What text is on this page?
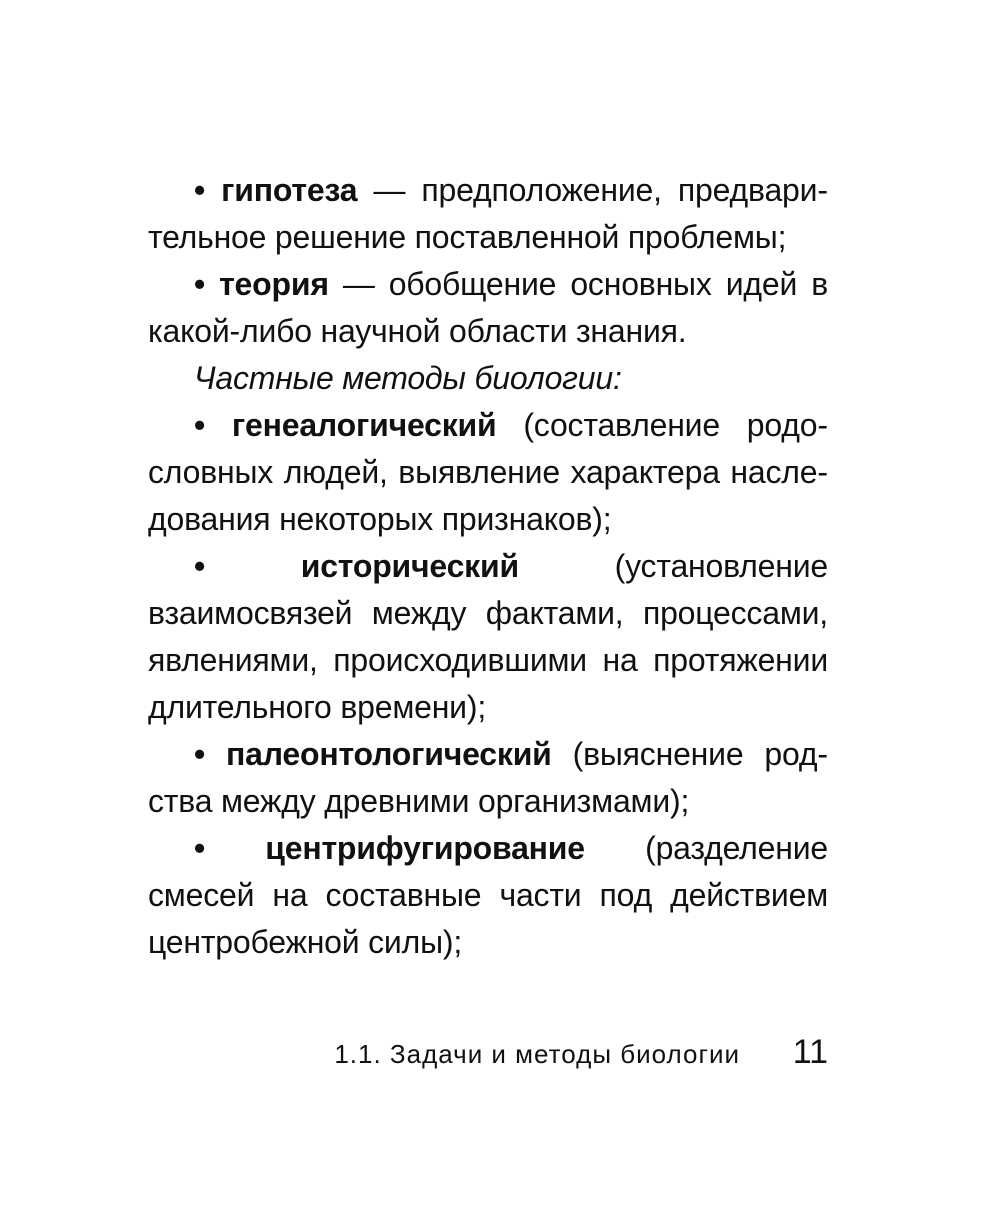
• гипотеза — предположение, предварительное решение поставленной проблемы;

• теория — обобщение основных идей в какой-либо научной области знания.

Частные методы биологии:

• генеалогический (составление родословных людей, выявление характера наследования некоторых признаков);

•	исторический (установление взаимосвязей между фактами, процессами, явлениями, происходившими на протяжении длительного времени);

• палеонтологический (выяснение родства между древними организмами);

• центрифугирование (разделение смесей на составные части под действием центробежной силы);

1.1. Задачи и методы биологии 11
